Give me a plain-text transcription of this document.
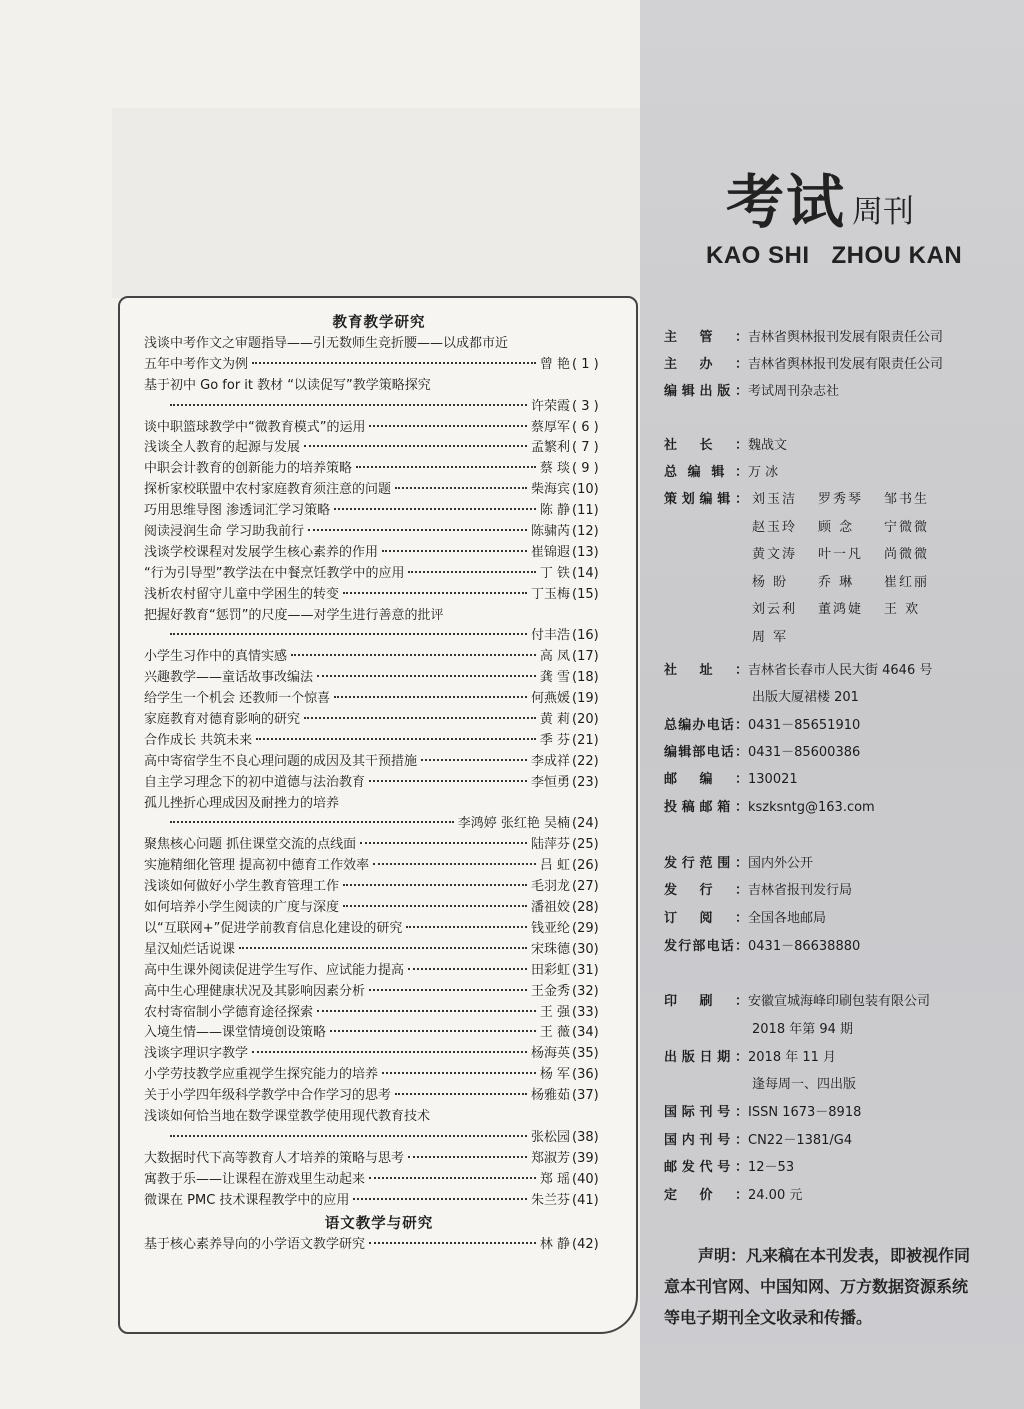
教育教学研究
浅谈中考作文之审题指导——引无数师生竞折腰——以成都市近
五年中考作文为例	曾 艳 ( 1 )
基于初中 Go for it 教材 “以读促写”教学策略探究
许荣霞 ( 3 )
谈中职篮球教学中“微教育模式”的运用	蔡厚军 ( 6 )
浅谈全人教育的起源与发展	孟繁利 ( 7 )
中职会计教育的创新能力的培养策略	蔡 琰 ( 9 )
探析家校联盟中农村家庭教育须注意的问题	柴海宾 (10)
巧用思维导图 渗透词汇学习策略	陈 静 (11)
阅读浸润生命 学习助我前行	陈骕芮 (12)
浅谈学校课程对发展学生核心素养的作用	崔锦遐 (13)
“行为引导型”教学法在中餐烹饪教学中的应用	丁 铁 (14)
浅析农村留守儿童中学困生的转变	丁玉梅 (15)
把握好教育“惩罚”的尺度——对学生进行善意的批评
付丰浩 (16)
小学生习作中的真情实感	高 凤 (17)
兴趣教学——童话故事改编法	龚 雪 (18)
给学生一个机会 还教师一个惊喜	何燕媛 (19)
家庭教育对德育影响的研究	黄 莉 (20)
合作成长 共筑未来	季 芬 (21)
高中寄宿学生不良心理问题的成因及其干预措施	李成祥 (22)
自主学习理念下的初中道德与法治教育	李恒勇 (23)
孤儿挫折心理成因及耐挫力的培养
李鸿婷 张红艳 吴楠 (24)
聚焦核心问题 抓住课堂交流的点线面	陆萍芬 (25)
实施精细化管理 提高初中德育工作效率	吕 虹 (26)
浅谈如何做好小学生教育管理工作	毛羽龙 (27)
如何培养小学生阅读的广度与深度	潘祖姣 (28)
以“互联网+”促进学前教育信息化建设的研究	钱亚纶 (29)
星汉灿烂话说课	宋珠德 (30)
高中生课外阅读促进学生写作、应试能力提高	田彩虹 (31)
高中生心理健康状况及其影响因素分析	王金秀 (32)
农村寄宿制小学德育途径探索	王 强 (33)
入境生情——课堂情境创设策略	王 薇 (34)
浅谈字理识字教学	杨海英 (35)
小学劳技教学应重视学生探究能力的培养	杨 军 (36)
关于小学四年级科学教学中合作学习的思考	杨雅茹 (37)
浅谈如何恰当地在数学课堂教学使用现代教育技术
张松园 (38)
大数据时代下高等教育人才培养的策略与思考	郑淑芳 (39)
寓教于乐——让课程在游戏里生动起来	郑 瑶 (40)
微课在 PMC 技术课程教学中的应用	朱兰芬 (41)
语文教学与研究
基于核心素养导向的小学语文教学研究	林 静 (42)
考试 周刊
KAO SHI ZHOU KAN
主管 ： 吉林省舆林报刊发展有限责任公司
主办 ： 吉林省舆林报刊发展有限责任公司
编辑出版 ： 考试周刊杂志社
社长 ： 魏战文
总编辑 ： 万 冰
策划编辑 ：	刘玉洁 罗秀琴 邹书生
赵玉玲 顾 念 宁微微
黄文涛 叶一凡 尚微微
杨 盼 乔 琳 崔红丽
刘云利 董鸿婕 王 欢
周 军
社址 ： 吉林省长春市人民大街 4646 号
出版大厦裙楼 201
总编办电话 ： 0431－85651910
编辑部电话 ： 0431－85600386
邮编 ： 130021
投稿邮箱 ： kszksntg@163.com
发行范围 ： 国内外公开
发行 ： 吉林省报刊发行局
订阅 ： 全国各地邮局
发行部电话 ： 0431－86638880
印刷 ： 安徽宣城海峰印刷包装有限公司
2018 年第 94 期
出版日期 ： 2018 年 11 月
逢每周一、四出版
国际刊号 ： ISSN 1673－8918
国内刊号 ： CN22－1381/G4
邮发代号 ： 12－53
定价 ： 24.00 元
声明：凡来稿在本刊发表，即被视作同
意本刊官网、中国知网、万方数据资源系统
等电子期刊全文收录和传播。
